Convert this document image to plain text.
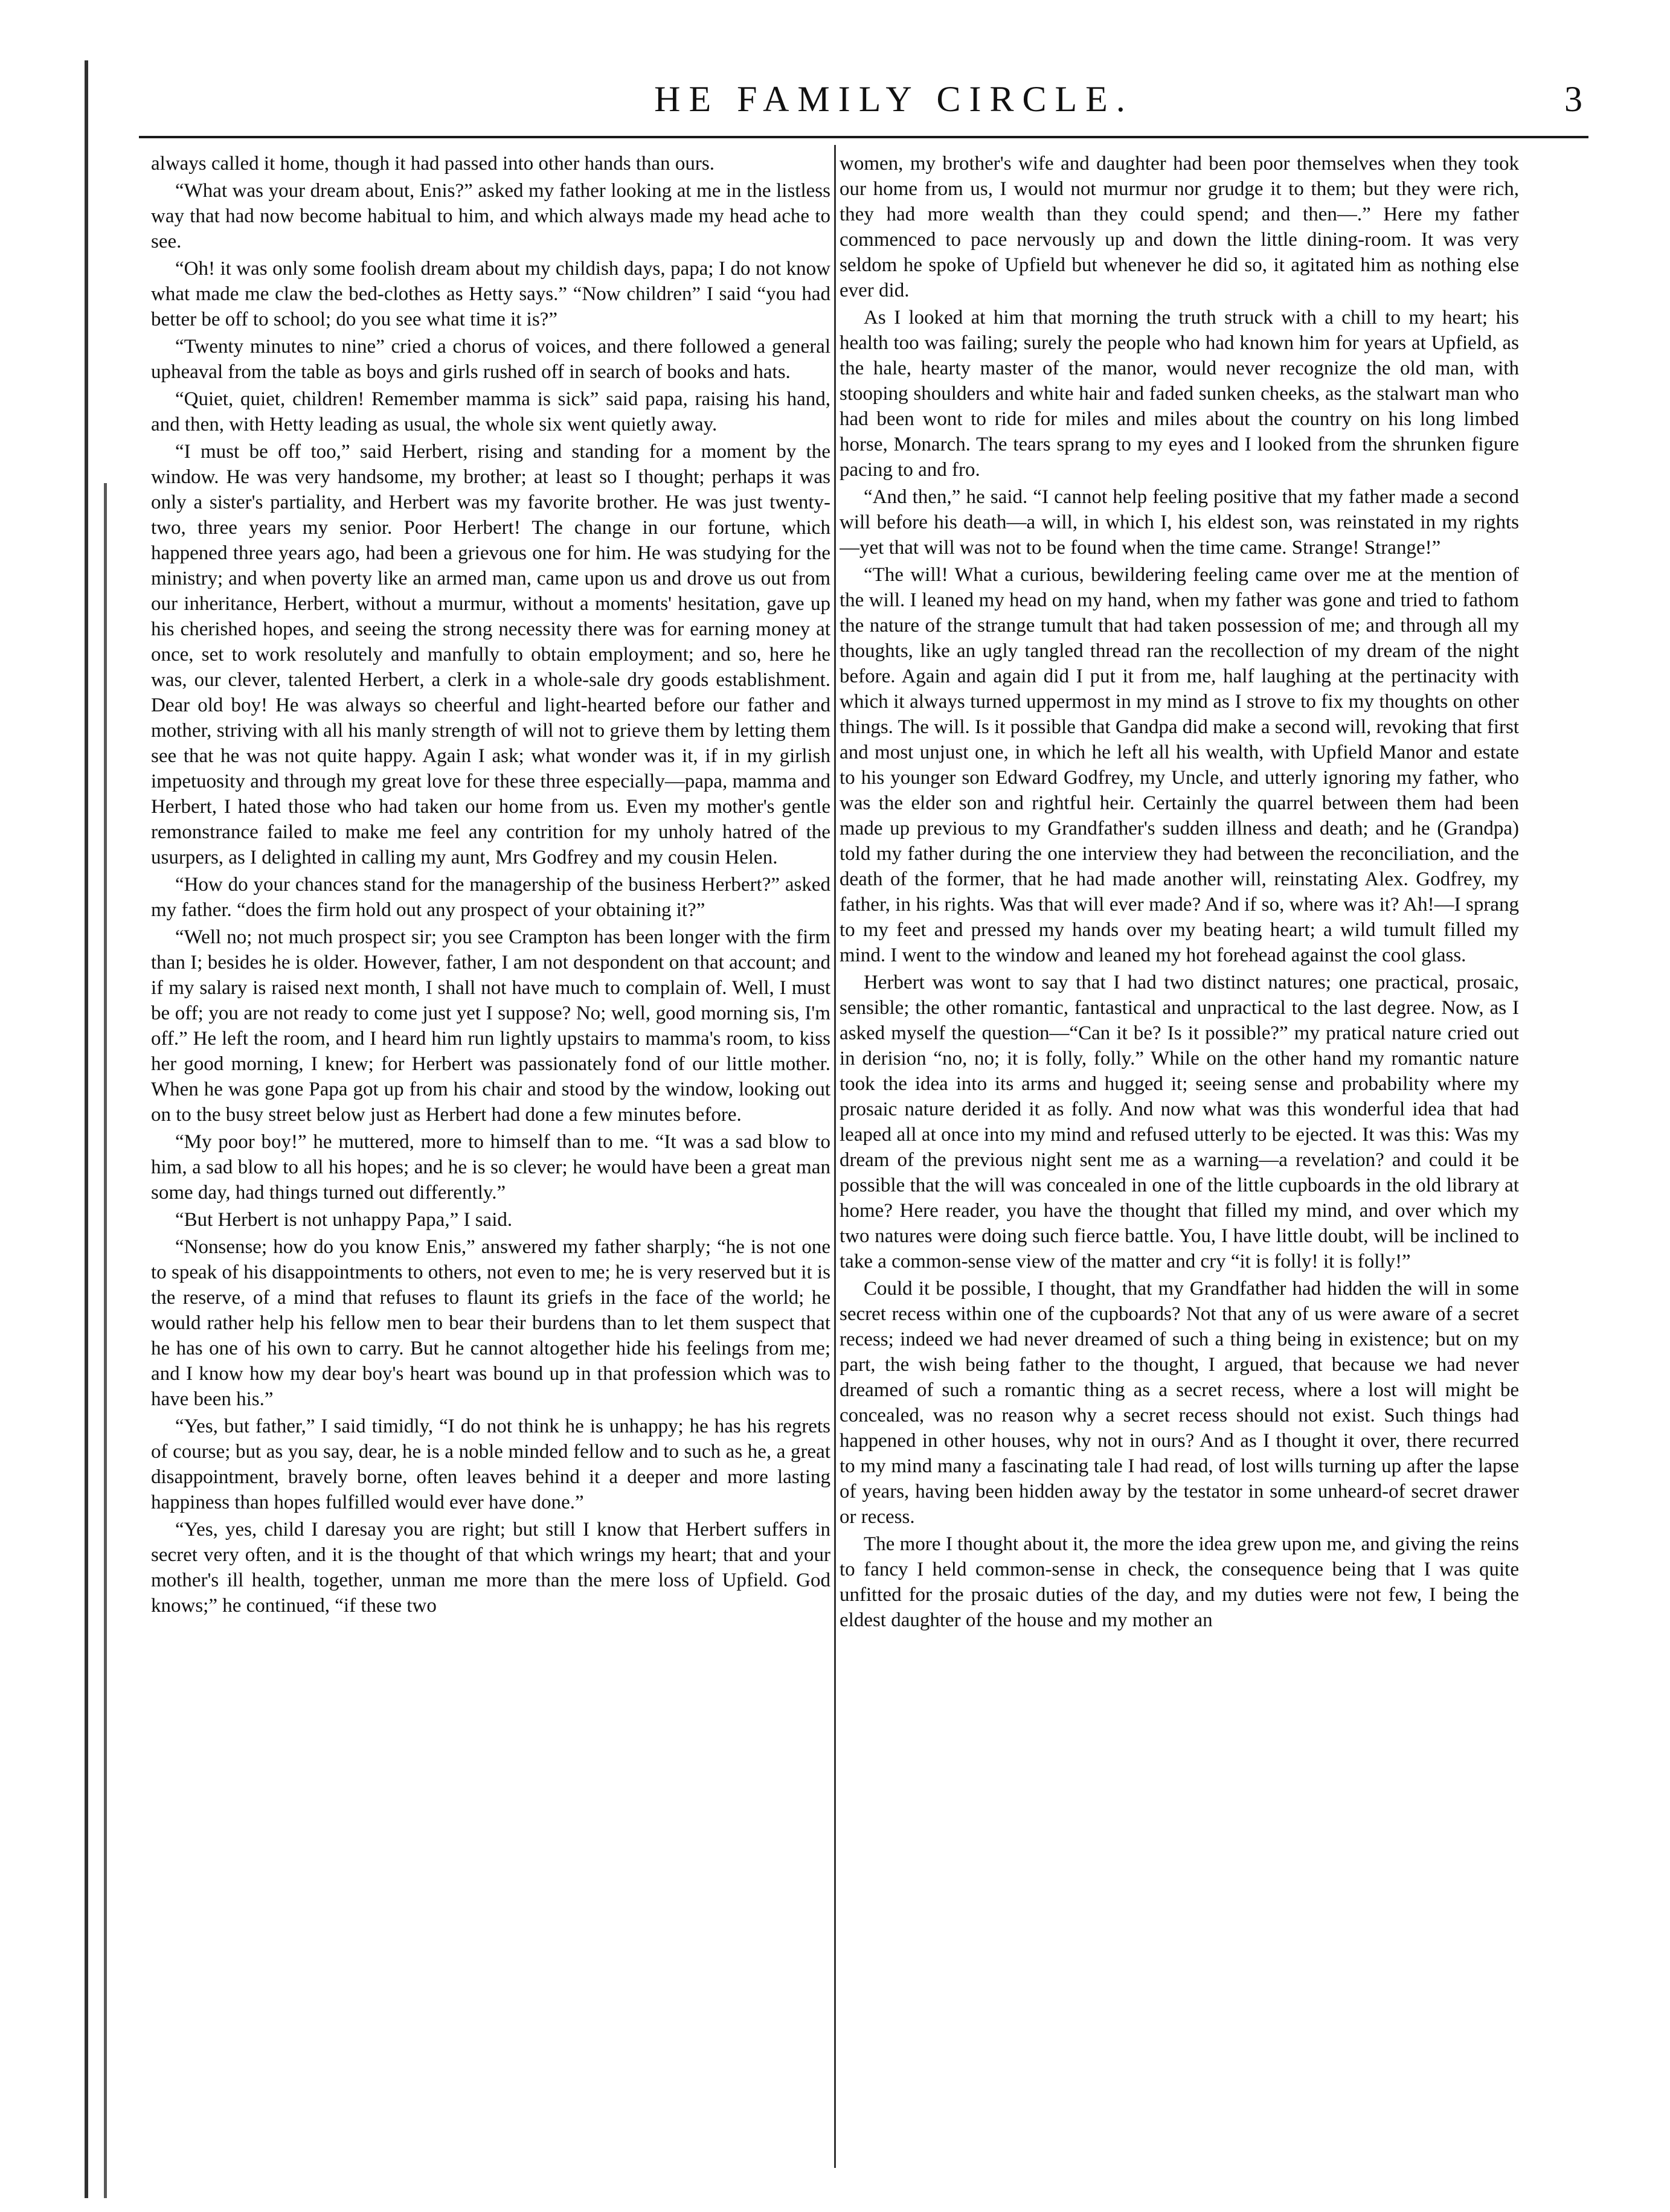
HE FAMILY CIRCLE.	3

always called it home, though it had passed into other hands than ours.

“What was your dream about, Enis?” asked my father looking at me in the listless way that had now become habitual to him, and which always made my head ache to see.

“Oh! it was only some foolish dream about my childish days, papa; I do not know what made me claw the bed-clothes as Hetty says.” “Now children” I said “you had better be off to school; do you see what time it is?”

“Twenty minutes to nine” cried a chorus of voices, and there followed a general upheaval from the table as boys and girls rushed off in search of books and hats.

“Quiet, quiet, children! Remember mamma is sick” said papa, raising his hand, and then, with Hetty leading as usual, the whole six went quietly away.

“I must be off too,” said Herbert, rising and standing for a moment by the window. He was very handsome, my brother; at least so I thought; perhaps it was only a sister's partiality, and Herbert was my favorite brother. He was just twenty-two, three years my senior. Poor Herbert! The change in our fortune, which happened three years ago, had been a grievous one for him. He was studying for the ministry; and when poverty like an armed man, came upon us and drove us out from our inheritance, Herbert, without a murmur, without a moments' hesitation, gave up his cherished hopes, and seeing the strong necessity there was for earning money at once, set to work resolutely and manfully to obtain employment; and so, here he was, our clever, talented Herbert, a clerk in a whole-sale dry goods establishment. Dear old boy! He was always so cheerful and light-hearted before our father and mother, striving with all his manly strength of will not to grieve them by letting them see that he was not quite happy. Again I ask; what wonder was it, if in my girlish impetuosity and through my great love for these three especially—papa, mamma and Herbert, I hated those who had taken our home from us. Even my mother's gentle remonstrance failed to make me feel any contrition for my unholy hatred of the usurpers, as I delighted in calling my aunt, Mrs Godfrey and my cousin Helen.

“How do your chances stand for the managership of the business Herbert?” asked my father. “does the firm hold out any prospect of your obtaining it?”

“Well no; not much prospect sir; you see Crampton has been longer with the firm than I; besides he is older. However, father, I am not despondent on that account; and if my salary is raised next month, I shall not have much to complain of. Well, I must be off; you are not ready to come just yet I suppose? No; well, good morning sis, I'm off.” He left the room, and I heard him run lightly upstairs to mamma's room, to kiss her good morning, I knew; for Herbert was passionately fond of our little mother. When he was gone Papa got up from his chair and stood by the window, looking out on to the busy street below just as Herbert had done a few minutes before.

“My poor boy!” he muttered, more to himself than to me. “It was a sad blow to him, a sad blow to all his hopes; and he is so clever; he would have been a great man some day, had things turned out differently.”

“But Herbert is not unhappy Papa,” I said.

“Nonsense; how do you know Enis,” answered my father sharply; “he is not one to speak of his disappointments to others, not even to me; he is very reserved but it is the reserve, of a mind that refuses to flaunt its griefs in the face of the world; he would rather help his fellow men to bear their burdens than to let them suspect that he has one of his own to carry. But he cannot altogether hide his feelings from me; and I know how my dear boy's heart was bound up in that profession which was to have been his.”

“Yes, but father,” I said timidly, “I do not think he is unhappy; he has his regrets of course; but as you say, dear, he is a noble minded fellow and to such as he, a great disappointment, bravely borne, often leaves behind it a deeper and more lasting happiness than hopes fulfilled would ever have done.”

“Yes, yes, child I daresay you are right; but still I know that Herbert suffers in secret very often, and it is the thought of that which wrings my heart; that and your mother's ill health, together, unman me more than the mere loss of Upfield. God knows;” he continued, “if these two

women, my brother's wife and daughter had been poor themselves when they took our home from us, I would not murmur nor grudge it to them; but they were rich, they had more wealth than they could spend; and then—.” Here my father commenced to pace nervously up and down the little dining-room. It was very seldom he spoke of Upfield but whenever he did so, it agitated him as nothing else ever did.

As I looked at him that morning the truth struck with a chill to my heart; his health too was failing; surely the people who had known him for years at Upfield, as the hale, hearty master of the manor, would never recognize the old man, with stooping shoulders and white hair and faded sunken cheeks, as the stalwart man who had been wont to ride for miles and miles about the country on his long limbed horse, Monarch. The tears sprang to my eyes and I looked from the shrunken figure pacing to and fro.

“And then,” he said. “I cannot help feeling positive that my father made a second will before his death—a will, in which I, his eldest son, was reinstated in my rights—yet that will was not to be found when the time came. Strange! Strange!”

“The will! What a curious, bewildering feeling came over me at the mention of the will. I leaned my head on my hand, when my father was gone and tried to fathom the nature of the strange tumult that had taken possession of me; and through all my thoughts, like an ugly tangled thread ran the recollection of my dream of the night before. Again and again did I put it from me, half laughing at the pertinacity with which it always turned uppermost in my mind as I strove to fix my thoughts on other things. The will. Is it possible that Gandpa did make a second will, revoking that first and most unjust one, in which he left all his wealth, with Upfield Manor and estate to his younger son Edward Godfrey, my Uncle, and utterly ignoring my father, who was the elder son and rightful heir. Certainly the quarrel between them had been made up previous to my Grandfather's sudden illness and death; and he (Grandpa) told my father during the one interview they had between the reconciliation, and the death of the former, that he had made another will, reinstating Alex. Godfrey, my father, in his rights. Was that will ever made? And if so, where was it? Ah!—I sprang to my feet and pressed my hands over my beating heart; a wild tumult filled my mind. I went to the window and leaned my hot forehead against the cool glass.

Herbert was wont to say that I had two distinct natures; one practical, prosaic, sensible; the other romantic, fantastical and unpractical to the last degree. Now, as I asked myself the question—“Can it be? Is it possible?” my pratical nature cried out in derision “no, no; it is folly, folly.” While on the other hand my romantic nature took the idea into its arms and hugged it; seeing sense and probability where my prosaic nature derided it as folly. And now what was this wonderful idea that had leaped all at once into my mind and refused utterly to be ejected. It was this: Was my dream of the previous night sent me as a warning—a revelation? and could it be possible that the will was concealed in one of the little cupboards in the old library at home? Here reader, you have the thought that filled my mind, and over which my two natures were doing such fierce battle. You, I have little doubt, will be inclined to take a common-sense view of the matter and cry “it is folly! it is folly!”

Could it be possible, I thought, that my Grandfather had hidden the will in some secret recess within one of the cupboards? Not that any of us were aware of a secret recess; indeed we had never dreamed of such a thing being in existence; but on my part, the wish being father to the thought, I argued, that because we had never dreamed of such a romantic thing as a secret recess, where a lost will might be concealed, was no reason why a secret recess should not exist. Such things had happened in other houses, why not in ours? And as I thought it over, there recurred to my mind many a fascinating tale I had read, of lost wills turning up after the lapse of years, having been hidden away by the testator in some unheard-of secret drawer or recess.

The more I thought about it, the more the idea grew upon me, and giving the reins to fancy I held common-sense in check, the consequence being that I was quite unfitted for the prosaic duties of the day, and my duties were not few, I being the eldest daughter of the house and my mother an
